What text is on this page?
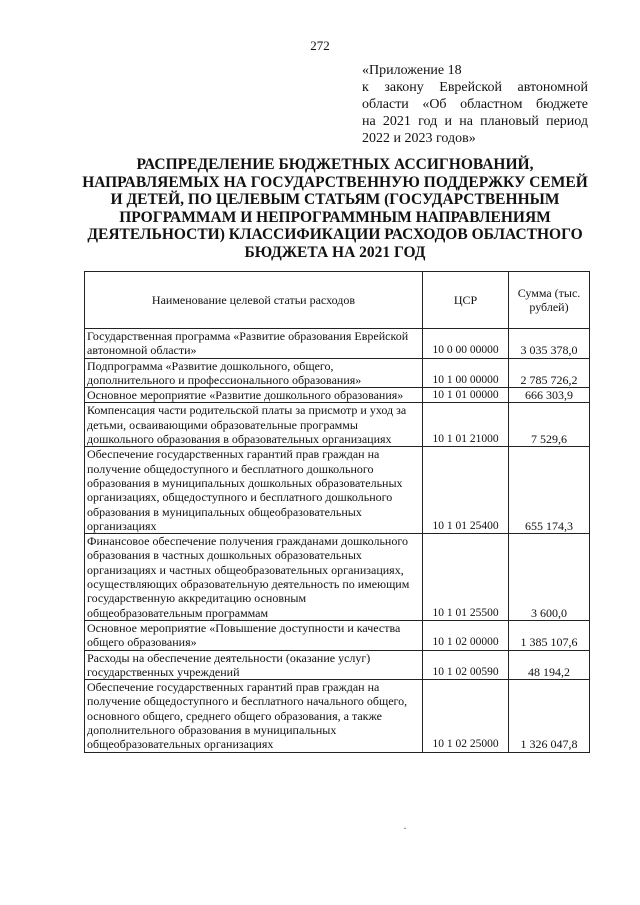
272
«Приложение 18
к закону Еврейской автономной
области «Об областном бюджете
на 2021 год и на плановый период
2022 и 2023 годов»
РАСПРЕДЕЛЕНИЕ БЮДЖЕТНЫХ АССИГНОВАНИЙ,
НАПРАВЛЯЕМЫХ НА ГОСУДАРСТВЕННУЮ ПОДДЕРЖКУ СЕМЕЙ
И ДЕТЕЙ, ПО ЦЕЛЕВЫМ СТАТЬЯМ (ГОСУДАРСТВЕННЫМ
ПРОГРАММАМ И НЕПРОГРАММНЫМ НАПРАВЛЕНИЯМ
ДЕЯТЕЛЬНОСТИ) КЛАССИФИКАЦИИ РАСХОДОВ ОБЛАСТНОГО
БЮДЖЕТА НА 2021 ГОД
Наименование целевой статьи расходов	ЦСР	Сумма (тыс. рублей)
Государственная программа «Развитие образования Еврейской автономной области»	10 0 00 00000	3 035 378,0
Подпрограмма «Развитие дошкольного, общего, дополнительного и профессионального образования»	10 1 00 00000	2 785 726,2
Основное мероприятие «Развитие дошкольного образования»	10 1 01 00000	666 303,9
Компенсация части родительской платы за присмотр и уход за детьми, осваивающими образовательные программы дошкольного образования в образовательных организациях	10 1 01 21000	7 529,6
Обеспечение государственных гарантий прав граждан на получение общедоступного и бесплатного дошкольного образования в муниципальных дошкольных образовательных организациях, общедоступного и бесплатного дошкольного образования в муниципальных общеобразовательных организациях	10 1 01 25400	655 174,3
Финансовое обеспечение получения гражданами дошкольного образования в частных дошкольных образовательных организациях и частных общеобразовательных организациях, осуществляющих образовательную деятельность по имеющим государственную аккредитацию основным общеобразовательным программам	10 1 01 25500	3 600,0
Основное мероприятие «Повышение доступности и качества общего образования»	10 1 02 00000	1 385 107,6
Расходы на обеспечение деятельности (оказание услуг) государственных учреждений	10 1 02 00590	48 194,2
Обеспечение государственных гарантий прав граждан на получение общедоступного и бесплатного начального общего, основного общего, среднего общего образования, а также дополнительного образования в муниципальных общеобразовательных организациях	10 1 02 25000	1 326 047,8
·
